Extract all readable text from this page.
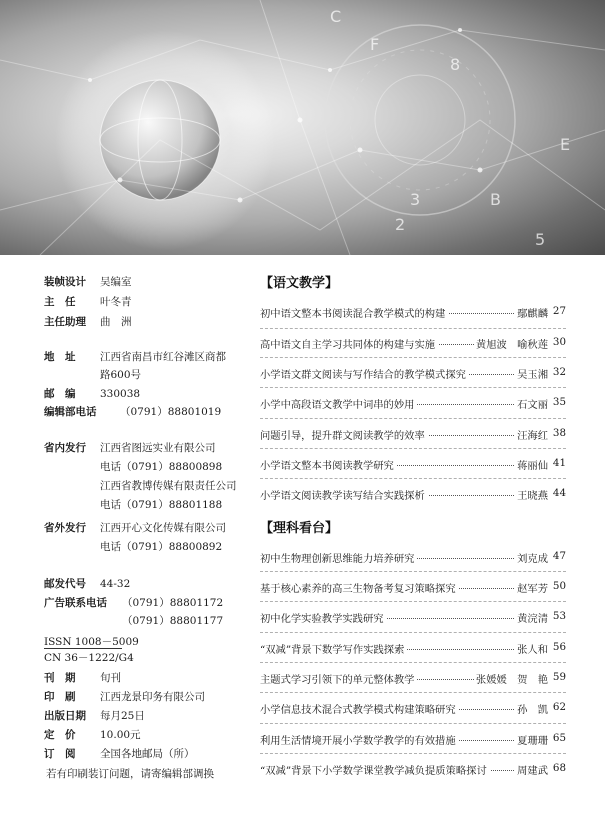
C
F
8
E
B
5
3
2
装帧设计 吴编室
主　任 叶冬青
主任助理 曲　洲
地　址 江西省南昌市红谷滩区商都
路600号
邮　编 330038
编辑部电话 （0791）88801019
省内发行 江西省图远实业有限公司
电话（0791）88800898
江西省教博传媒有限责任公司
电话（0791）88801188
省外发行 江西开心文化传媒有限公司
电话（0791）88800892
邮发代号 44-32
广告联系电话 （0791）88801172
（0791）88801177
ISSN 1008－5009
CN 36－1222/G4
刊　期 旬刊
印　刷 江西龙景印务有限公司
出版日期 每月25日
定　价 10.00元
订　阅 全国各地邮局（所）
若有印刷装订问题，请寄编辑部调换
【语文教学】
初中语文整本书阅读混合教学模式的构建	鄢麒麟 27
高中语文自主学习共同体的构建与实施	黄旭波　喻秋莲 30
小学语文群文阅读与写作结合的教学模式探究	吴玉湘 32
小学中高段语文教学中词串的妙用	石文丽 35
问题引导，提升群文阅读教学的效率	汪海红 38
小学语文整本书阅读教学研究	蒋丽仙 41
小学语文阅读教学读写结合实践探析	王晓燕 44
【理科看台】
初中生物理创新思维能力培养研究	刘克成 47
基于核心素养的高三生物备考复习策略探究	赵军芳 50
初中化学实验教学实践研究	黄浣清 53
“双减”背景下数学写作实践探索	张人和 56
主题式学习引领下的单元整体教学	张媛媛　贺　艳 59
小学信息技术混合式教学模式构建策略研究	孙　凯 62
利用生活情境开展小学数学教学的有效措施	夏珊珊 65
“双减”背景下小学数学课堂教学减负提质策略探讨	周建武 68
